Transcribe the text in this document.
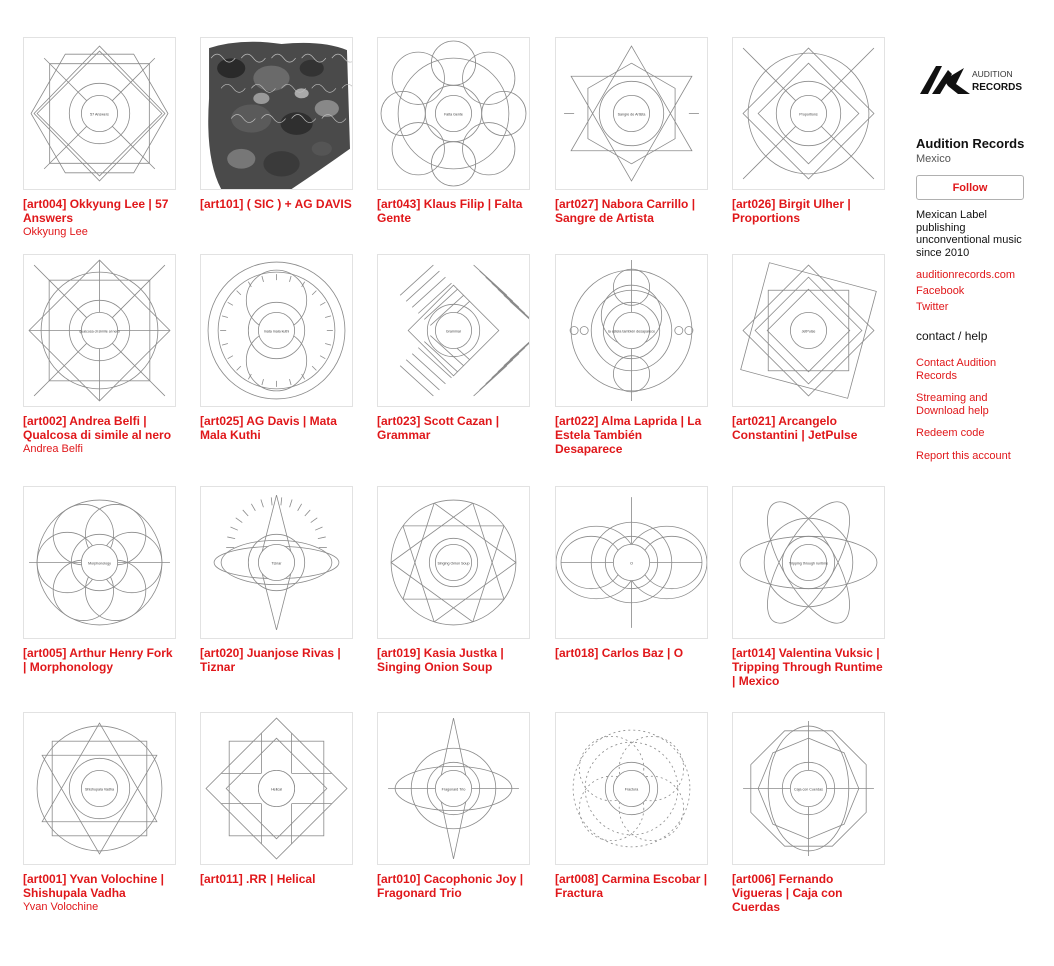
57 Answers
[art004] Okkyung Lee | 57 Answers
Okkyung Lee
[art101] ( SIC ) + AG DAVIS
Falta Gente
[art043] Klaus Filip | Falta Gente
Sangre de Artista
[art027] Nabora Carrillo | Sangre de Artista
Proportions
[art026] Birgit Ulher | Proportions
qualcosa di simile al nero
[art002] Andrea Belfi | Qualcosa di simile al nero
Andrea Belfi
mata mala kuthi
[art025] AG Davis | Mata Mala Kuthi
Grammar
[art023] Scott Cazan | Grammar
la estela también desaparece
[art022] Alma Laprida | La Estela También Desaparece
JetPulse
[art021] Arcangelo Constantini | JetPulse
Morphonology
[art005] Arthur Henry Fork | Morphonology
Tiznar
[art020] Juanjose Rivas | Tiznar
Singing Onion Soup
[art019] Kasia Justka | Singing Onion Soup
O
[art018] Carlos Baz | O
Tripping through runtime
[art014] Valentina Vuksic | Tripping Through Runtime | Mexico
Shishupala Vadha
[art001] Yvan Volochine | Shishupala Vadha
Yvan Volochine
Helical
[art011] .RR | Helical
Fragonard Trio
[art010] Cacophonic Joy | Fragonard Trio
Fractura
[art008] Carmina Escobar | Fractura
Caja con Cuerdas
[art006] Fernando Vigueras | Caja con Cuerdas
AUDITION
RECORDS
Audition Records
Mexico
Follow
Mexican Label publishing unconventional music since 2010
auditionrecords.com
Facebook
Twitter
contact / help
Contact Audition Records
Streaming and Download help
Redeem code
Report this account
